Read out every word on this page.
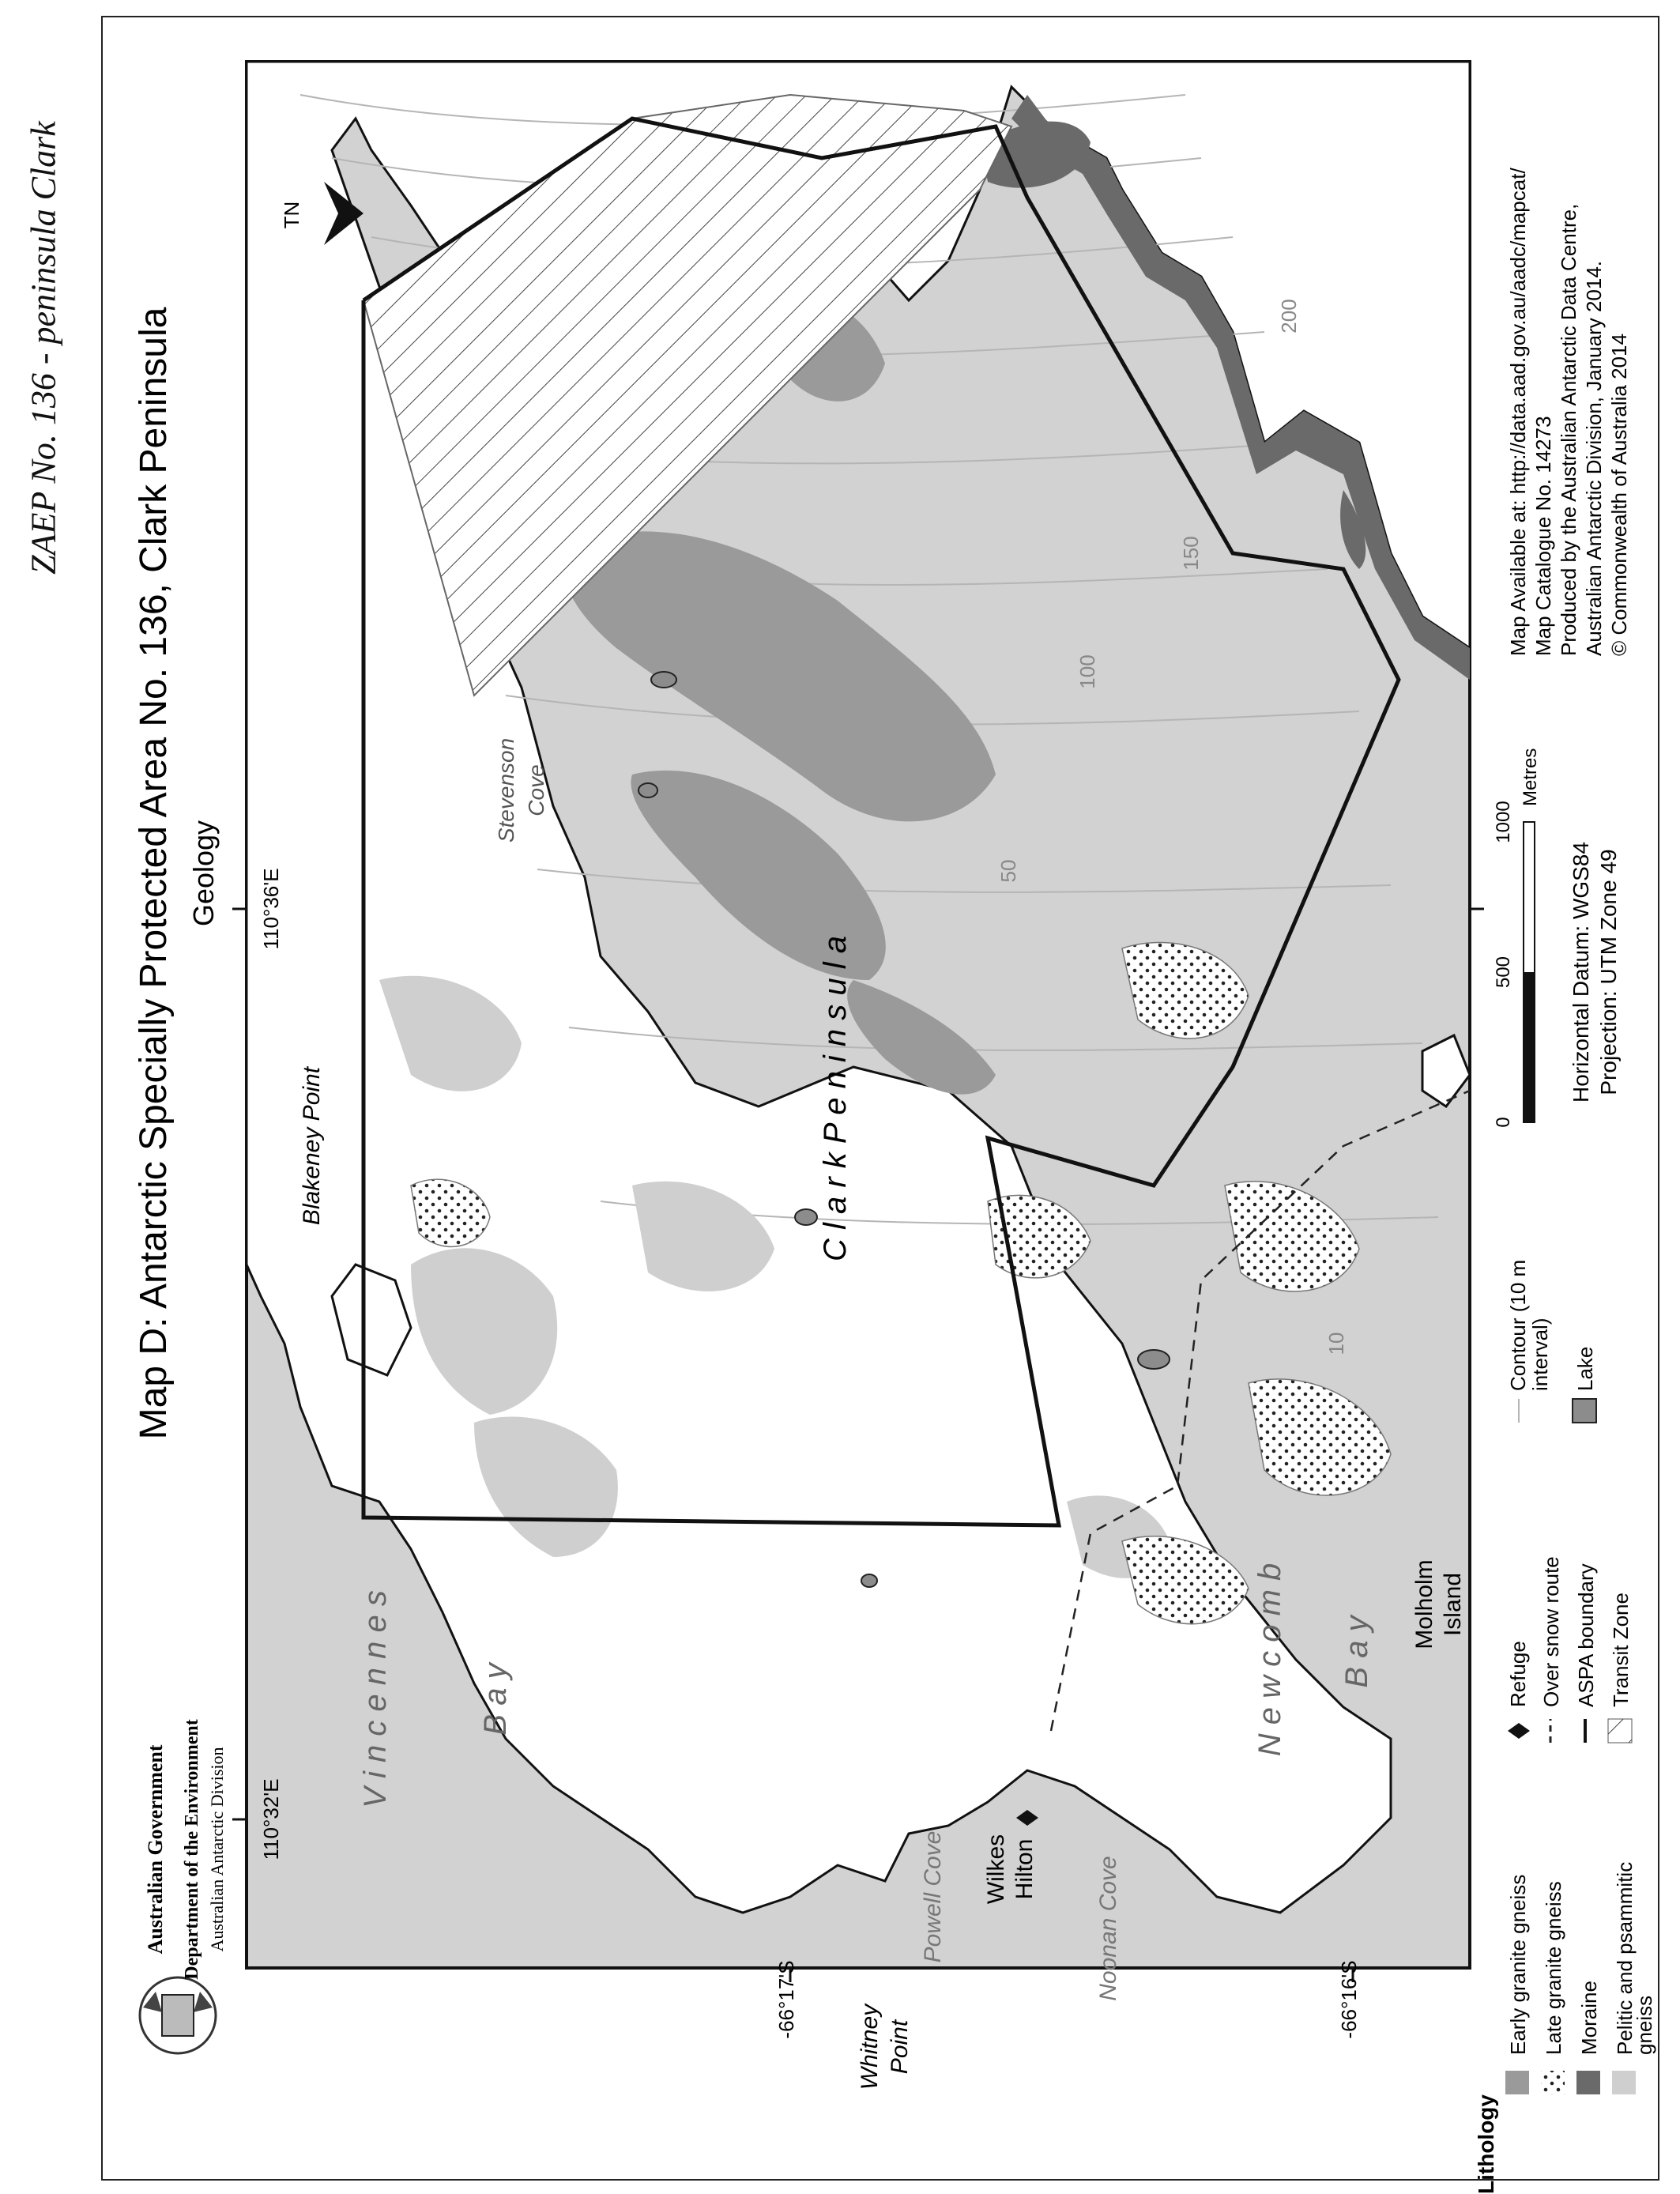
ZAEP No. 136 - peninsula Clark	TN
Map D: Antarctic Specially Protected Area No. 136, Clark Peninsula Geology 110°36'E
110°32'E
-66°17'S	-66°16'S
Blakeney Point
Stevenson Cove
C l a r k P e n i n s u l a
V i n c e n n e s	B a y	N e w c o m b B a y
Whitney Point
Powell Cove Wilkes Hilton Noonan Cove
Molholm Island
10
50
100
150
200
Australian Government Department of the Environment Australian Antarctic Division
Lithology
Early granite gneiss Late granite gneiss Moraine Pelitic and psammitic
gneiss
Refuge Over snow route ASPA boundary Transit Zone
Contour (10 m
interval) Lake
0
500
1000
Metres
Horizontal Datum: WGS84 Projection: UTM Zone 49
Map Available at: http://data.aad.gov.au/aadc/mapcat/ Map Catalogue No. 14273 Produced by the Australian Antarctic Data Centre, Australian Antarctic Division, January 2014. © Commonwealth of Australia 2014
